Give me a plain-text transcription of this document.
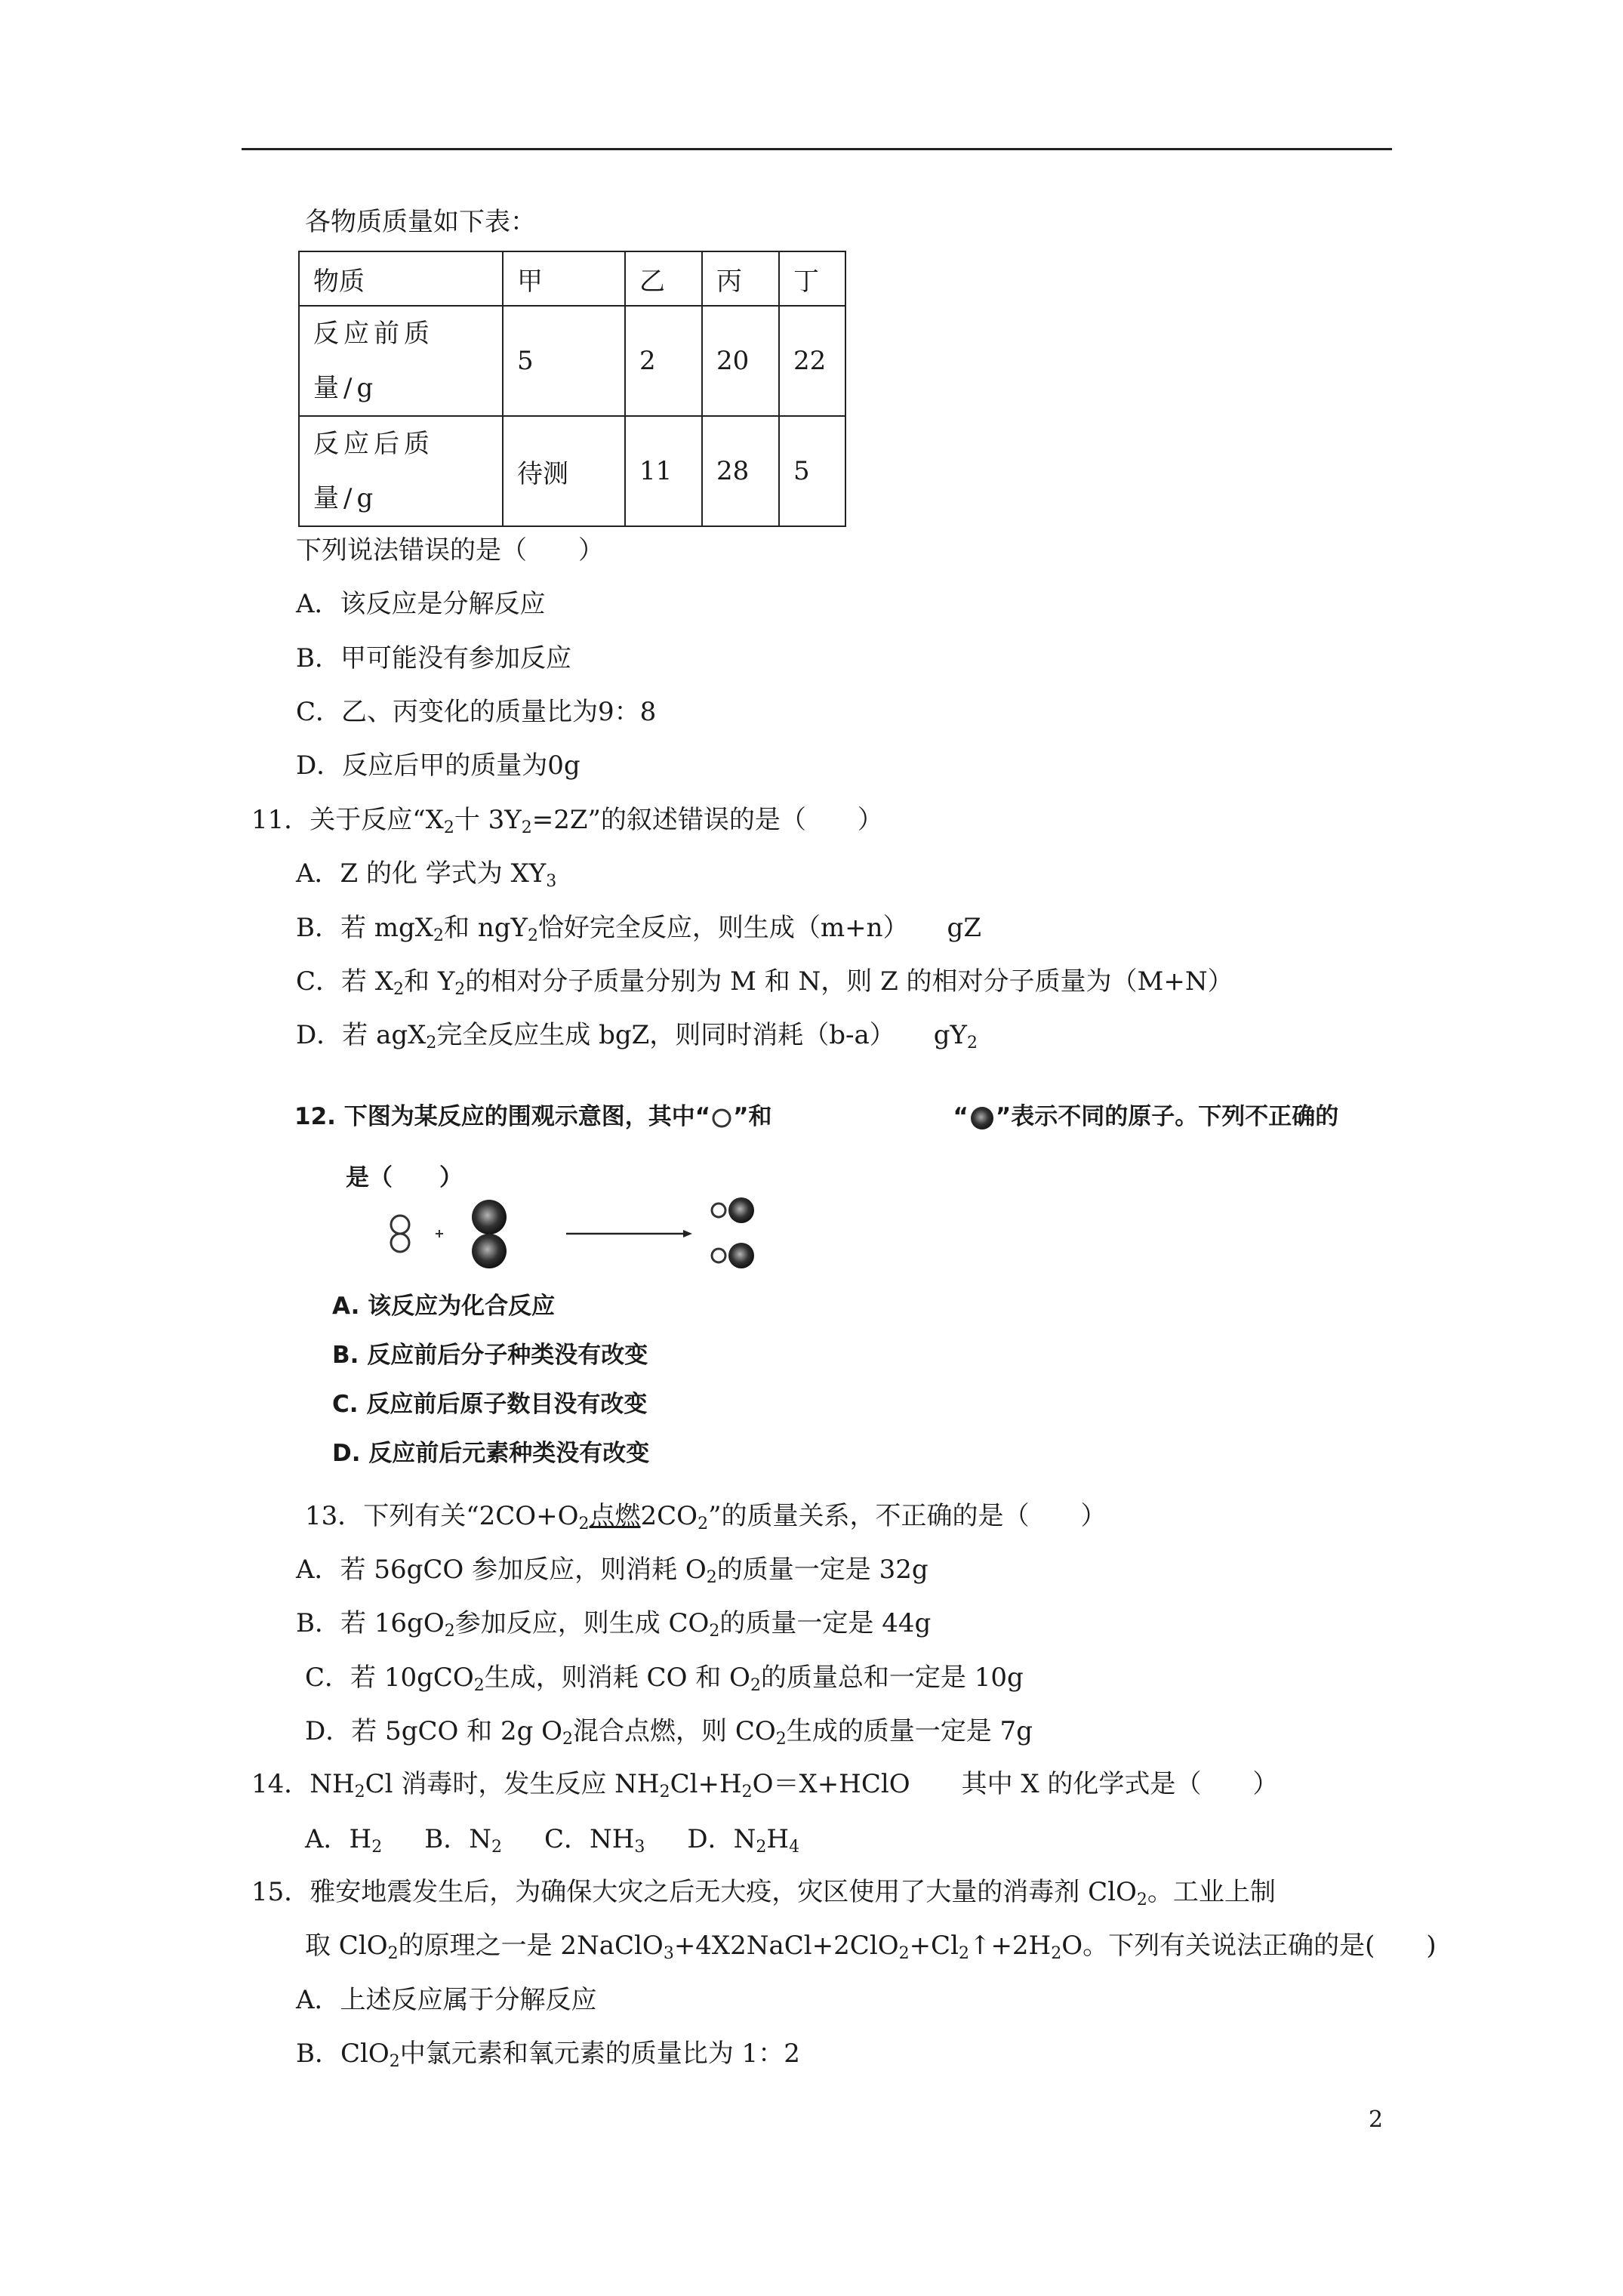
各物质质量如下表：
物质	甲	乙	丙	丁
反应前质量/g	5	2	20	22
反应后质量/g	待测	11	28	5
下列说法错误的是（　　）
A．该反应是分解反应
B．甲可能没有参加反应
C．乙、丙变化的质量比为9：8
D．反应后甲的质量为0g
11．关于反应“$X_2$十 $3Y_2=2Z$”的叙述错误的是（　　）
A．Z 的化 学式为 $XY_3$
B．若 mgX$_2$和 ngY$_2$恰好完全反应，则生成（m+n）　　gZ
C．若 $X_2$和 $Y_2$的相对分子质量分别为 M 和 N，则 Z 的相对分子质量为（M+N）
D．若 agX$_2$完全反应生成 bgZ，则同时消耗（b-a）　　$gY_2$
12. 下图为某反应的围观示意图，其中“ ”和	“ ”表示不同的原子。下列不正确的
是（　　）
A. 该反应为化合反应
B. 反应前后分子种类没有改变
C. 反应前后原子数目没有改变
D. 反应前后元素种类没有改变
13．下列有关“$2CO+O_2$点燃$2CO_2$”的质量关系，不正确的是（　　）
A．若 56gCO 参加反应，则消耗 $O_2$的质量一定是 32g
B．若 $16gO_2$参加反应，则生成 $CO_2$的质量一定是 44g
C．若 10gCO$_2$生成，则消耗 CO 和 $O_2$的质量总和一定是 10g
D．若 5gCO 和 2g $O_2$混合点燃，则 $CO_2$生成的质量一定是 7g
14．$NH_2Cl$ 消毒时，发生反应 $NH_2Cl+H_2O=X+HClO$　　其中 X 的化学式是（　　）
A．$H_2$ B．$N_2$ C．$NH_3$ D．$N_2H_4$
15．雅安地震发生后，为确保大灾之后无大疫，灾区使用了大量的消毒剂 ClO$_2$。工业上制
取 ClO$_2$的原理之一是 $2NaClO_3+4X2NaCl+2ClO_2+Cl_2↑+2H_2O$。下列有关说法正确的是(　　)
A．上述反应属于分解反应
B．ClO$_2$中氯元素和氧元素的质量比为 1：2
2
